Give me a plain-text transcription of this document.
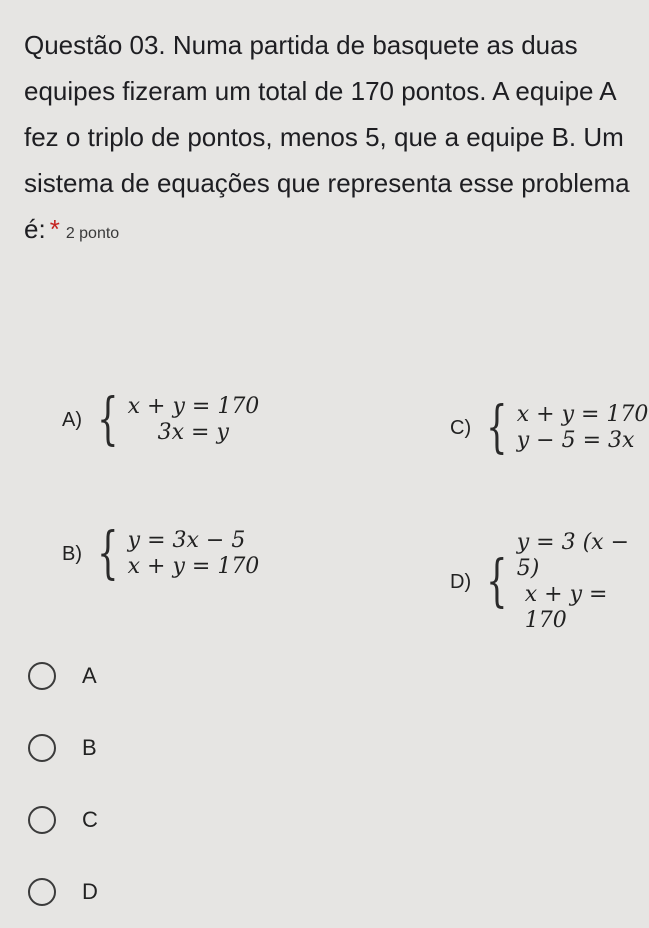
Questão 03. Numa partida de basquete as duas equipes fizeram um total de 170 pontos. A equipe A fez o triplo de pontos, menos 5, que a equipe B. Um sistema de equações que representa esse problema é: * 2 ponto
A) { x + y = 170
3x = y	C) { x + y = 170
y − 5 = 3x
B) { y = 3x − 5
x + y = 170
D) {
y = 3 (x − 5)
x + y = 170
A
B
C
D
